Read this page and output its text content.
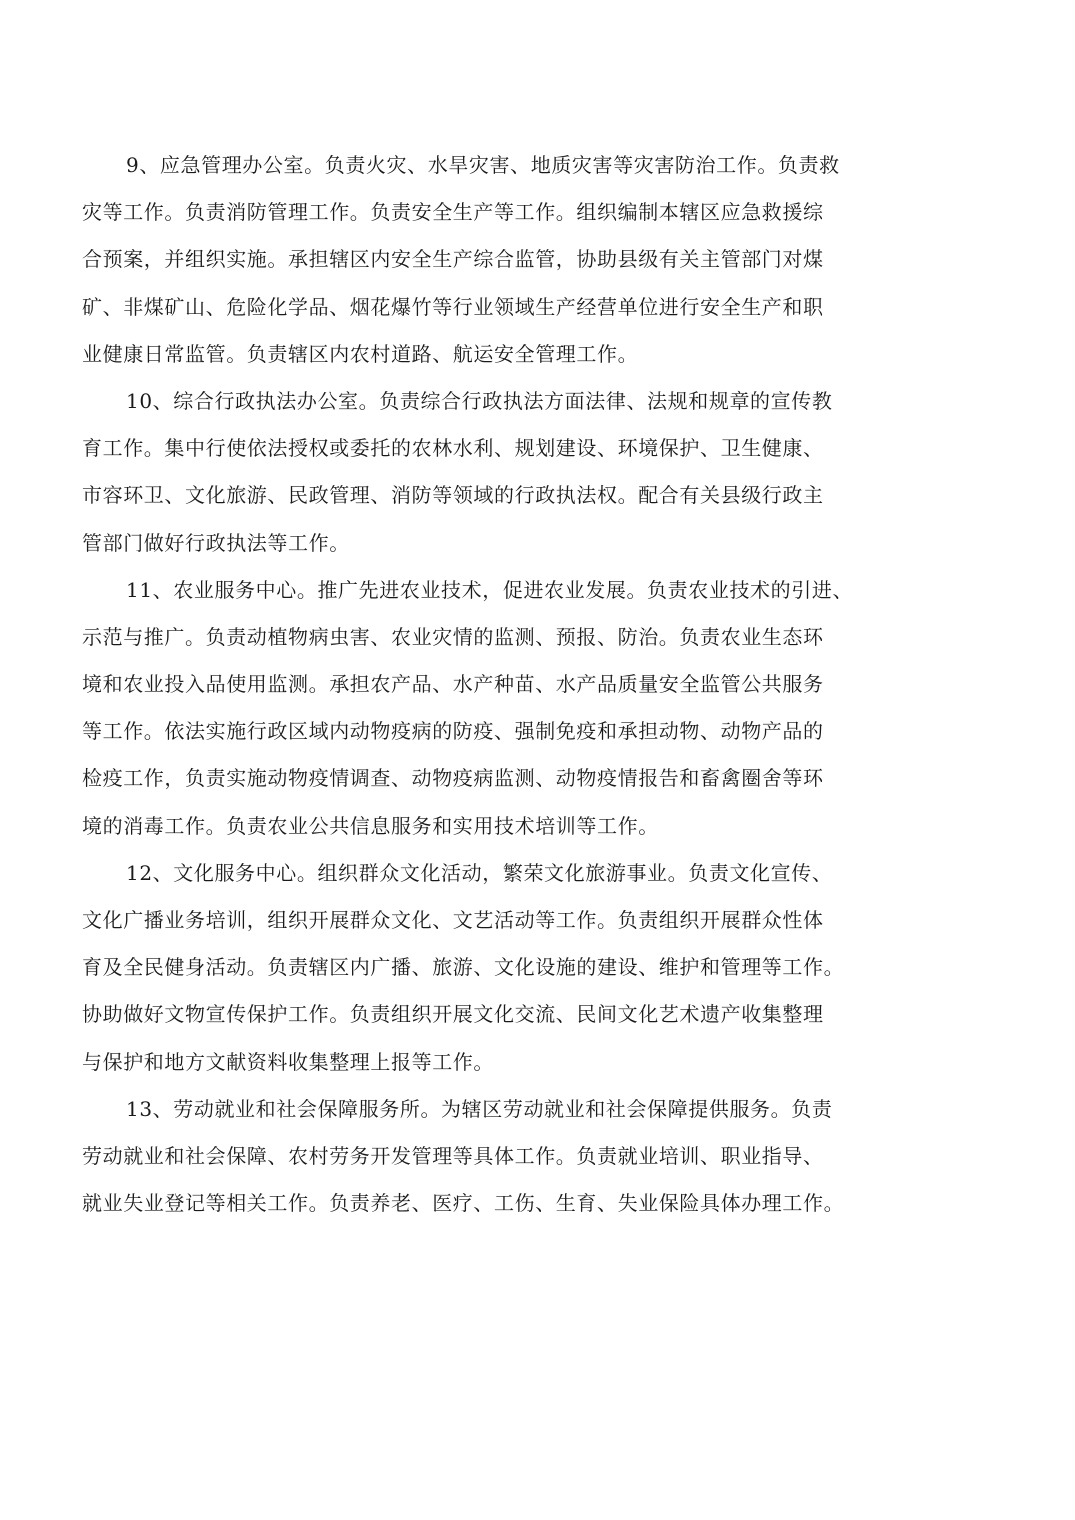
9、应急管理办公室。负责火灾、水旱灾害、地质灾害等灾害防治工作。负责救
灾等工作。负责消防管理工作。负责安全生产等工作。组织编制本辖区应急救援综
合预案，并组织实施。承担辖区内安全生产综合监管，协助县级有关主管部门对煤
矿、非煤矿山、危险化学品、烟花爆竹等行业领域生产经营单位进行安全生产和职
业健康日常监管。负责辖区内农村道路、航运安全管理工作。
10、综合行政执法办公室。负责综合行政执法方面法律、法规和规章的宣传教
育工作。集中行使依法授权或委托的农林水利、规划建设、环境保护、卫生健康、
市容环卫、文化旅游、民政管理、消防等领域的行政执法权。配合有关县级行政主
管部门做好行政执法等工作。
11、农业服务中心。推广先进农业技术，促进农业发展。负责农业技术的引进、
示范与推广。负责动植物病虫害、农业灾情的监测、预报、防治。负责农业生态环
境和农业投入品使用监测。承担农产品、水产种苗、水产品质量安全监管公共服务
等工作。依法实施行政区域内动物疫病的防疫、强制免疫和承担动物、动物产品的
检疫工作，负责实施动物疫情调查、动物疫病监测、动物疫情报告和畜禽圈舍等环
境的消毒工作。负责农业公共信息服务和实用技术培训等工作。
12、文化服务中心。组织群众文化活动，繁荣文化旅游事业。负责文化宣传、
文化广播业务培训，组织开展群众文化、文艺活动等工作。负责组织开展群众性体
育及全民健身活动。负责辖区内广播、旅游、文化设施的建设、维护和管理等工作。
协助做好文物宣传保护工作。负责组织开展文化交流、民间文化艺术遗产收集整理
与保护和地方文献资料收集整理上报等工作。
13、劳动就业和社会保障服务所。为辖区劳动就业和社会保障提供服务。负责
劳动就业和社会保障、农村劳务开发管理等具体工作。负责就业培训、职业指导、
就业失业登记等相关工作。负责养老、医疗、工伤、生育、失业保险具体办理工作。
